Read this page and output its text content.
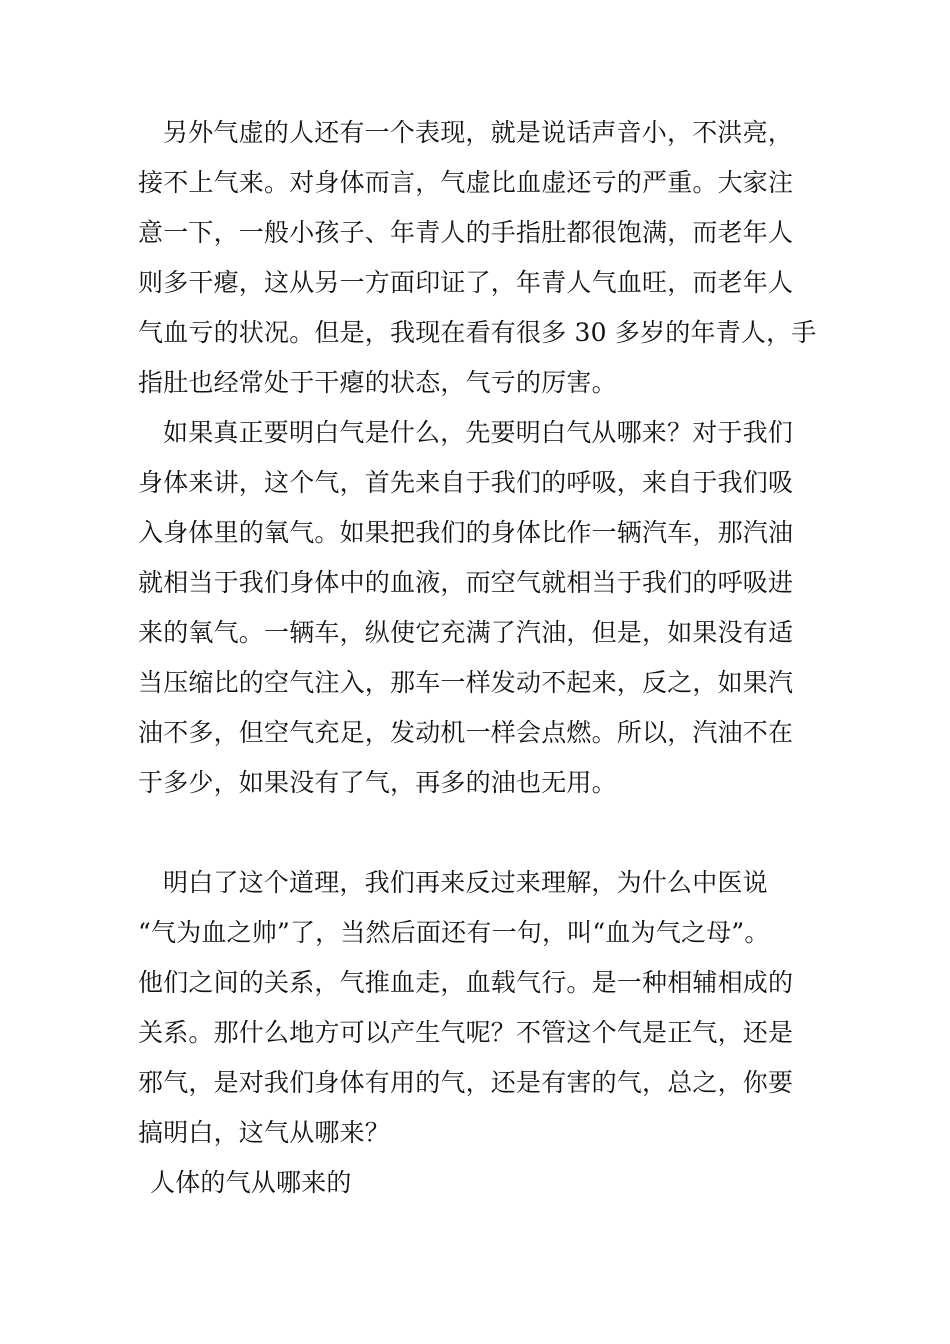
另外气虚的人还有一个表现，就是说话声音小，不洪亮，
接不上气来。对身体而言，气虚比血虚还亏的严重。大家注
意一下，一般小孩子、年青人的手指肚都很饱满，而老年人
则多干瘪，这从另一方面印证了，年青人气血旺，而老年人
气血亏的状况。但是，我现在看有很多 30 多岁的年青人，手
指肚也经常处于干瘪的状态，气亏的厉害。
如果真正要明白气是什么，先要明白气从哪来？对于我们
身体来讲，这个气，首先来自于我们的呼吸，来自于我们吸
入身体里的氧气。如果把我们的身体比作一辆汽车，那汽油
就相当于我们身体中的血液，而空气就相当于我们的呼吸进
来的氧气。一辆车，纵使它充满了汽油，但是，如果没有适
当压缩比的空气注入，那车一样发动不起来，反之，如果汽
油不多，但空气充足，发动机一样会点燃。所以，汽油不在
于多少，如果没有了气，再多的油也无用。
明白了这个道理，我们再来反过来理解，为什么中医说
“气为血之帅”了，当然后面还有一句，叫“血为气之母”。
他们之间的关系，气推血走，血载气行。是一种相辅相成的
关系。那什么地方可以产生气呢？不管这个气是正气，还是
邪气，是对我们身体有用的气，还是有害的气，总之，你要
搞明白，这气从哪来？
人体的气从哪来的
